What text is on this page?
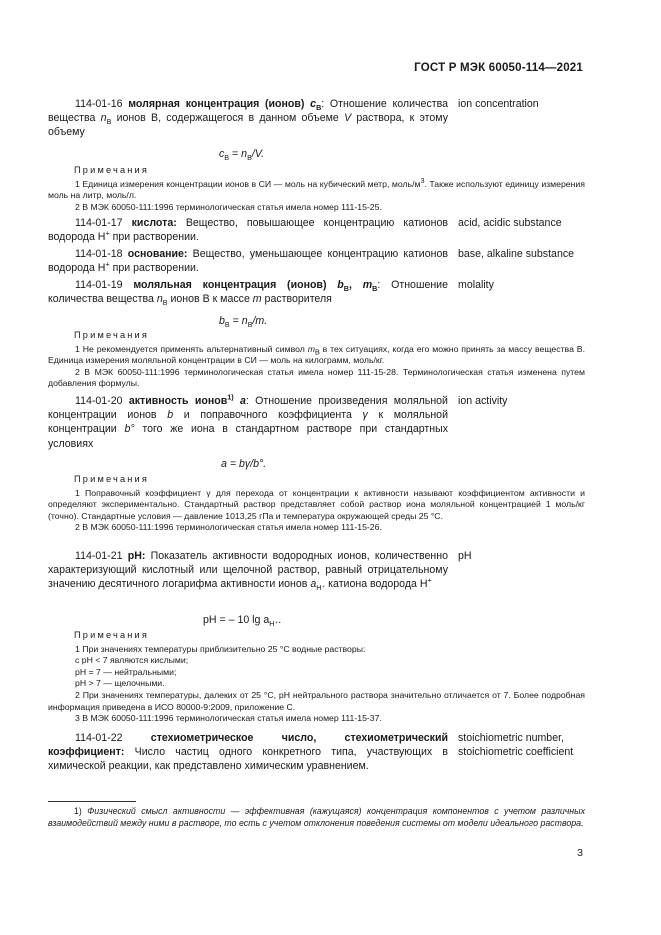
ГОСТ Р МЭК 60050-114—2021
114-01-16 молярная концентрация (ионов) $c_B$: Отношение количества вещества $n_B$ ионов B, содержащегося в данном объеме V раствора, к этому объему
ion concentration
$c_B = n_B/V$.
Примечания

1 Единица измерения концентрации ионов в СИ — моль на кубический метр, моль/$м^3$. Также используют единицу измерения моль на литр, моль/л.

2 В МЭК 60050-111:1996 терминологическая статья имела номер 111-15-25.

114-01-17 кислота: Вещество, повышающее концентрацию катионов водорода H+ при растворении.
acid, acidic substance
114-01-18 основание: Вещество, уменьшающее концентрацию катионов водорода H+ при растворении.
base, alkaline substance
114-01-19 моляльная концентрация (ионов) $b_B$, $m_B$: Отношение количества вещества $n_B$ ионов B к массе m растворителя
molality
$b_B = n_B/m$.
Примечания

1 Не рекомендуется применять альтернативный символ $m_B$ в тех ситуациях, когда его можно принять за массу вещества B. Единица измерения моляльной концентрации в СИ — моль на килограмм, моль/кг.

2 В МЭК 60050-111:1996 терминологическая статья имела номер 111-15-28. Терминологическая статья изменена путем добавления формулы.

114-01-20 активность ионов$^{1)}$ a: Отношение произведения моляльной концентрации ионов b и поправочного коэффициента γ к моляльной концентрации b° того же иона в стандартном растворе при стандартных условиях
ion activity
a = bγ/b°.
Примечания

1 Поправочный коэффициент γ для перехода от концентрации к активности называют коэффициентом активности и определяют экспериментально. Стандартный раствор представляет собой раствор иона моляльной концентрацией 1 моль/кг (точно). Стандартные условия — давление 1013,25 гПа и температура окружающей среды 25 °С.

2 В МЭК 60050-111:1996 терминологическая статья имела номер 111-15-26.

114-01-21 pH: Показатель активности водородных ионов, количественно характеризующий кислотный или щелочной раствор, равный отрицательному значению десятичного логарифма активности ионов $a_{H^+}$ катиона водорода H+
pH
pH = – 10 $\lg a_{H^+}$.
Примечания

1 При значениях температуры приблизительно 25 °С водные растворы:

с pH < 7 являются кислыми;

pH = 7 — нейтральными;

pH > 7 — щелочными.

2 При значениях температуры, далеких от 25 °С, pH нейтрального раствора значительно отличается от 7. Более подробная информация приведена в ИСО 80000-9:2009, приложение С.

3 В МЭК 60050-111:1996 терминологическая статья имела номер 111-15-37.

114-01-22	стехиометрическое число, стехиометрический коэффициент: Число частиц одного конкретного типа, участвующих в химической реакции, как представлено химическим уравнением.
stoichiometric number,
stoichiometric coefficient
1) Физический смысл активности — эффективная (кажущаяся) концентрация компонентов с учетом различных взаимодействий между ними в растворе, то есть с учетом отклонения поведения системы от модели идеального раствора.
3
